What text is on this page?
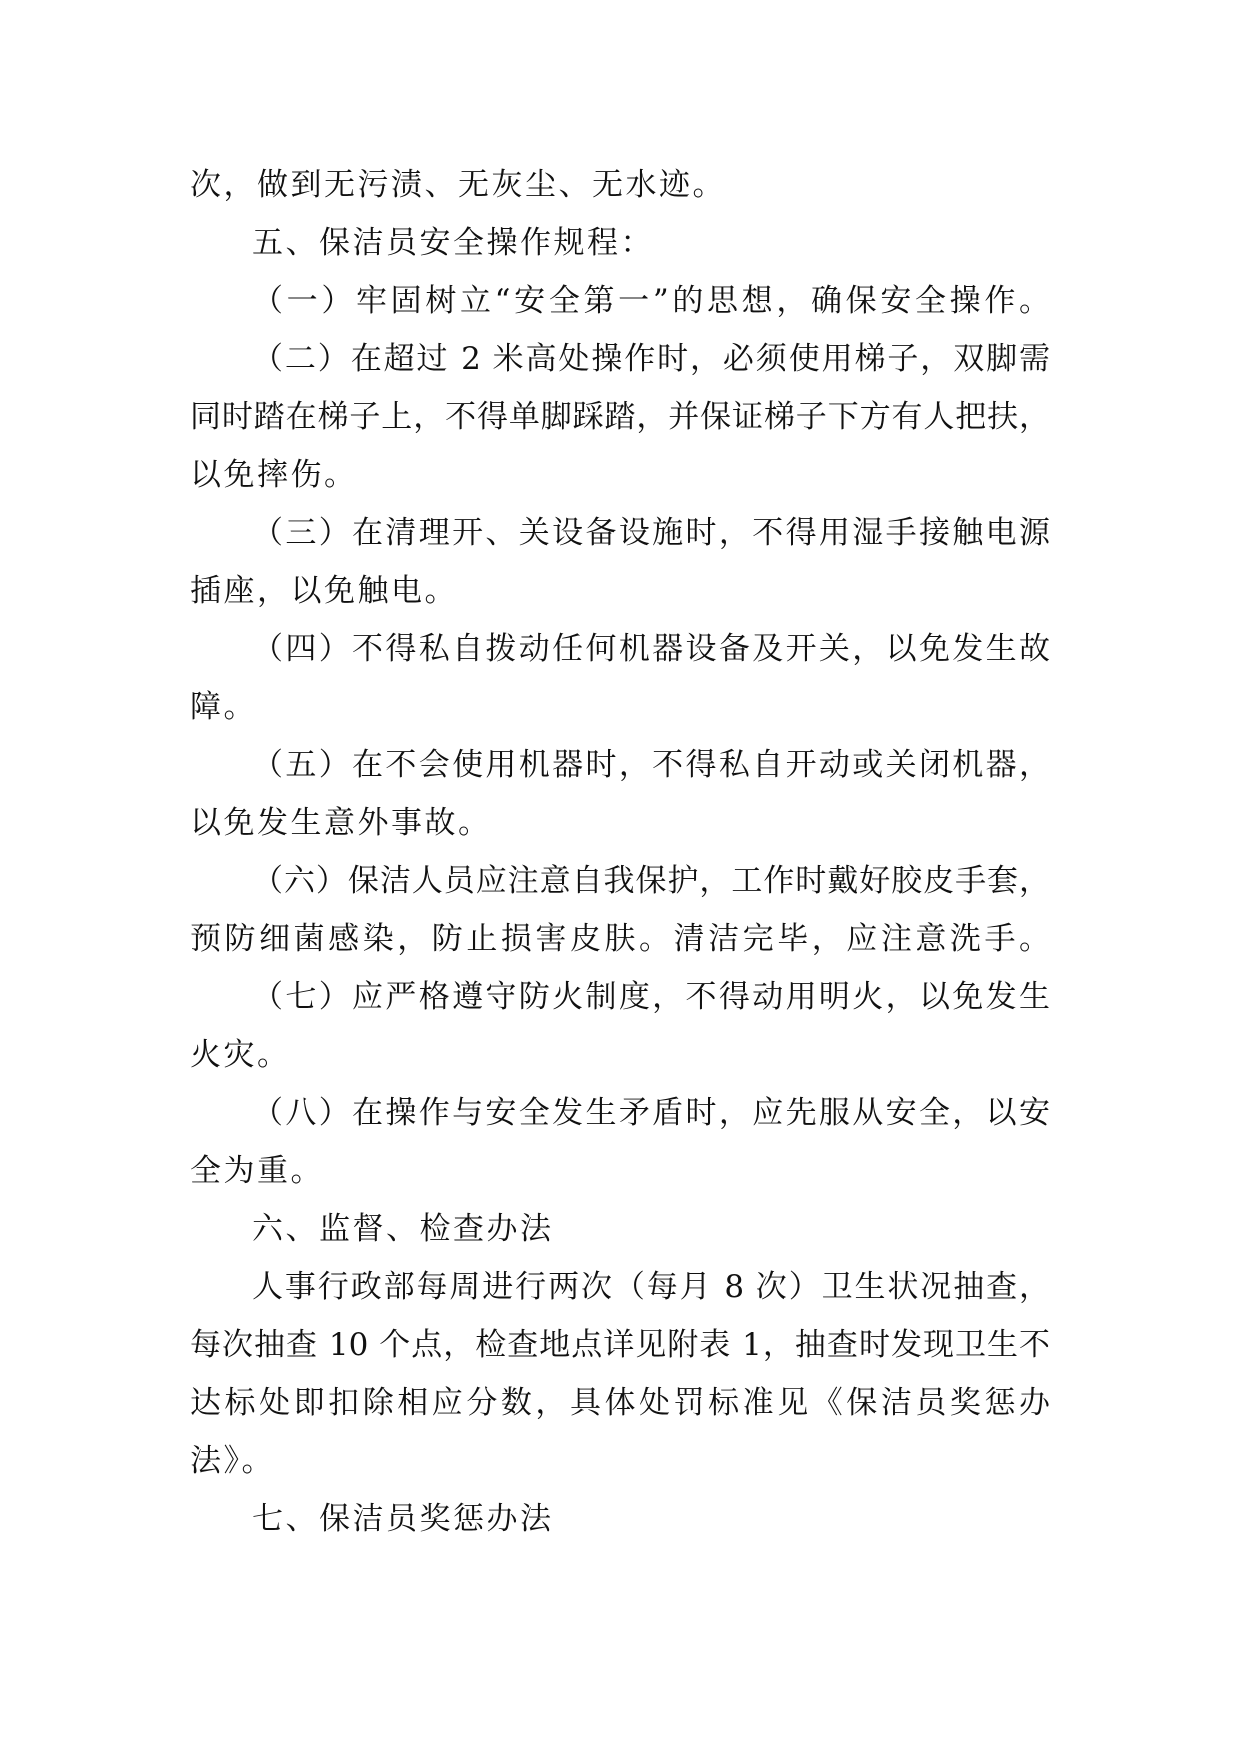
次，做到无污渍、无灰尘、无水迹。
五、保洁员安全操作规程：
（一）牢固树立“安全第一”的思想，确保安全操作。
（二）在超过 2 米高处操作时，必须使用梯子，双脚需
同时踏在梯子上，不得单脚踩踏，并保证梯子下方有人把扶，
以免摔伤。
（三）在清理开、关设备设施时，不得用湿手接触电源
插座，以免触电。
（四）不得私自拨动任何机器设备及开关，以免发生故
障。
（五）在不会使用机器时，不得私自开动或关闭机器，
以免发生意外事故。
（六）保洁人员应注意自我保护，工作时戴好胶皮手套，
预防细菌感染，防止损害皮肤。清洁完毕，应注意洗手。
（七）应严格遵守防火制度，不得动用明火，以免发生
火灾。
（八）在操作与安全发生矛盾时，应先服从安全，以安
全为重。
六、监督、检查办法
人事行政部每周进行两次（每月 8 次）卫生状况抽查，
每次抽查 10 个点，检查地点详见附表 1，抽查时发现卫生不
达标处即扣除相应分数，具体处罚标准见《保洁员奖惩办
法》。
七、保洁员奖惩办法
